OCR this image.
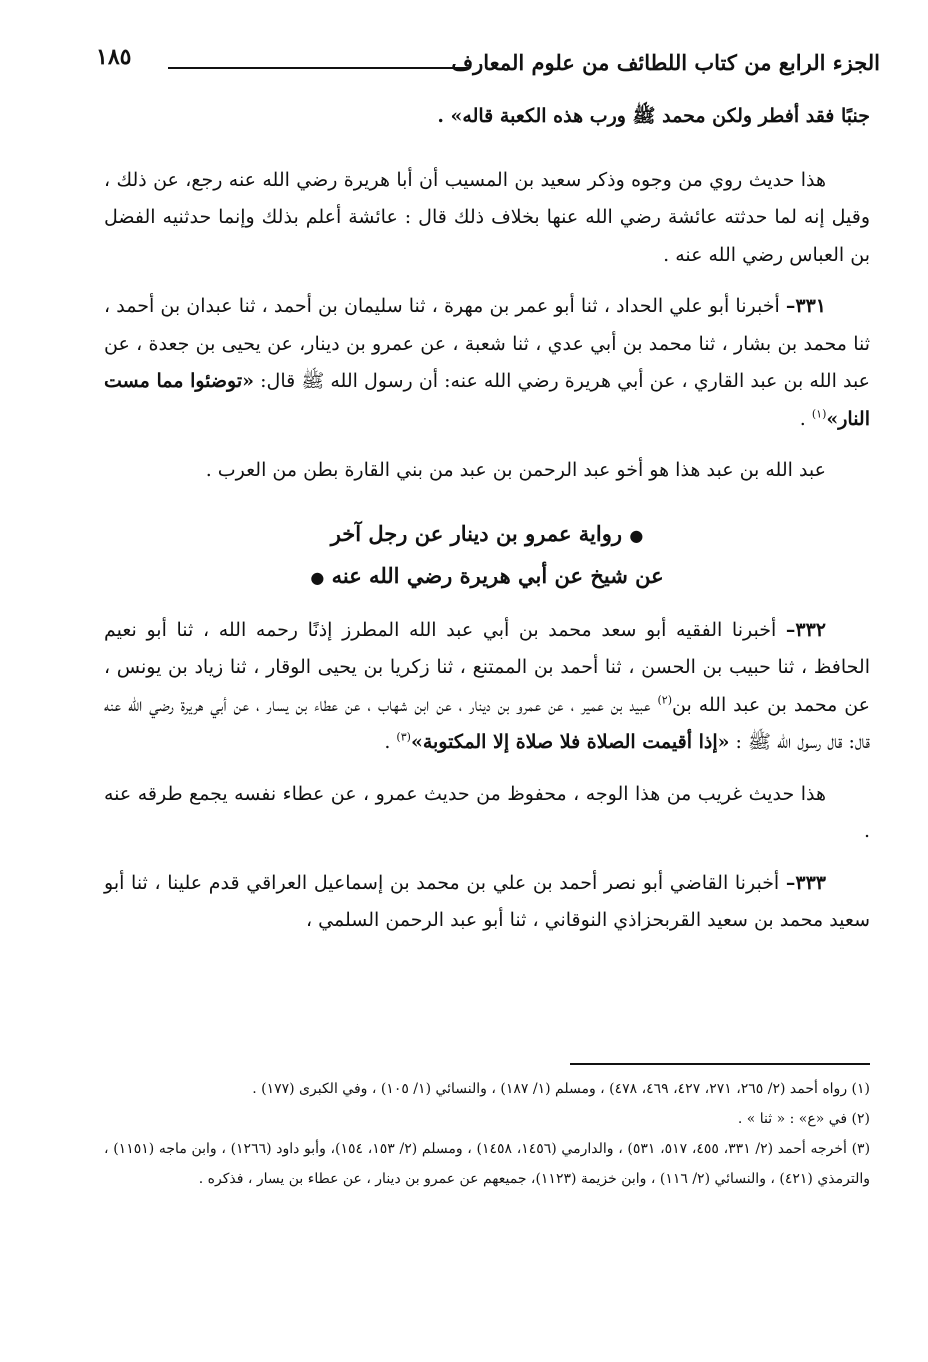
الجزء الرابع من كتاب اللطائف من علوم المعارف
١٨٥

جنبًا فقد أفطر ولكن محمد ﷺ ورب هذه الكعبة قاله» .

هذا حديث روي من وجوه وذكر سعيد بن المسيب أن أبا هريرة رضي الله عنه رجع، عن ذلك ، وقيل إنه لما حدثته عائشة رضي الله عنها بخلاف ذلك قال : عائشة أعلم بذلك وإنما حدثنيه الفضل بن العباس رضي الله عنه .

٣٣١– أخبرنا أبو علي الحداد ، ثنا أبو عمر بن مهرة ، ثنا سليمان بن أحمد ، ثنا عبدان بن أحمد ، ثنا محمد بن بشار ، ثنا محمد بن أبي عدي ، ثنا شعبة ، عن عمرو بن دينار، عن يحيى بن جعدة ، عن عبد الله بن عبد القاري ، عن أبي هريرة رضي الله عنه: أن رسول الله ﷺ قال: «توضئوا مما مست النار»$^{(١)}$ .

عبد الله بن عبد هذا هو أخو عبد الرحمن بن عبد من بني القارة بطن من العرب .

● رواية عمرو بن دينار عن رجل آخر
عن شيخ عن أبي هريرة رضي الله عنه ●

٣٣٢– أخبرنا الفقيه أبو سعد محمد بن أبي عبد الله المطرز إذنًا رحمه الله ، ثنا أبو نعيم الحافظ ، ثنا حبيب بن الحسن ، ثنا أحمد بن الممتنع ، ثنا زكريا بن يحيى الوقار ، ثنا زياد بن يونس ، عن محمد بن عبد الله بن$^{(٢)}$ عبيد بن عمير ، عن عمرو بن دينار ، عن ابن شهاب ، عن عطاء بن يسار ، عن أبي هريرة رضي الله عنه قال: قال رسول الله ﷺ : «إذا أقيمت الصلاة فلا صلاة إلا المكتوبة»$^{(٣)}$ .

هذا حديث غريب من هذا الوجه ، محفوظ من حديث عمرو ، عن عطاء نفسه يجمع طرقه عنه .

٣٣٣– أخبرنا القاضي أبو نصر أحمد بن علي بن محمد بن إسماعيل العراقي قدم علينا ، ثنا أبو سعيد محمد بن سعيد القربحزاذي النوقاني ، ثنا أبو عبد الرحمن السلمي ،

(١) رواه أحمد (٢/ ٢٦٥، ٢٧١، ٤٢٧، ٤٦٩، ٤٧٨) ، ومسلم (١/ ١٨٧) ، والنسائي (١/ ١٠٥) ، وفي الكبرى (١٧٧) .

(٢) في «ع» : « ثنا » .

(٣) أخرجه أحمد (٢/ ٣٣١، ٤٥٥، ٥١٧، ٥٣١) ، والدارمي (١٤٥٦، ١٤٥٨) ، ومسلم (٢/ ١٥٣، ١٥٤)، وأبو داود (١٢٦٦) ، وابن ماجه (١١٥١) ، والترمذي (٤٢١) ، والنسائي (٢/ ١١٦) ، وابن خزيمة (١١٢٣)، جميعهم عن عمرو بن دينار ، عن عطاء بن يسار ، فذكره .
